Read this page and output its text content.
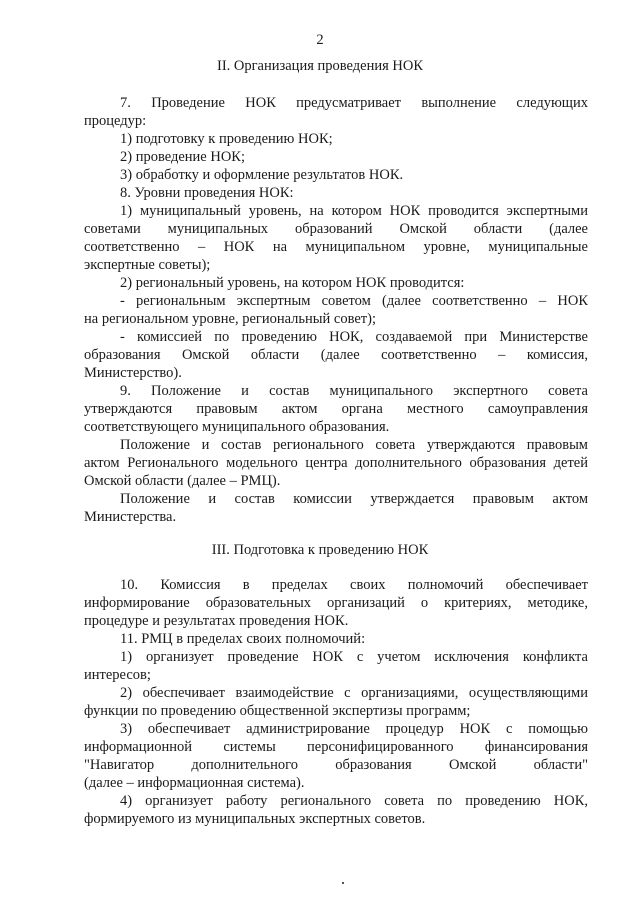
2
II. Организация проведения НОК
7. Проведение НОК предусматривает выполнение следующих
процедур:
1) подготовку к проведению НОК;
2) проведение НОК;
3) обработку и оформление результатов НОК.
8. Уровни проведения НОК:
1) муниципальный уровень, на котором НОК проводится экспертными
советами муниципальных образований Омской области (далее
соответственно – НОК на муниципальном уровне, муниципальные
экспертные советы);
2) региональный уровень, на котором НОК проводится:
- региональным экспертным советом (далее соответственно – НОК
на региональном уровне, региональный совет);
- комиссией по проведению НОК, создаваемой при Министерстве
образования Омской области (далее соответственно – комиссия,
Министерство).
9. Положение и состав муниципального экспертного совета
утверждаются правовым актом органа местного самоуправления
соответствующего муниципального образования.
Положение и состав регионального совета утверждаются правовым
актом Регионального модельного центра дополнительного образования детей
Омской области (далее – РМЦ).
Положение и состав комиссии утверждается правовым актом
Министерства.
III. Подготовка к проведению НОК
10. Комиссия в пределах своих полномочий обеспечивает
информирование образовательных организаций о критериях, методике,
процедуре и результатах проведения НОК.
11. РМЦ в пределах своих полномочий:
1) организует проведение НОК с учетом исключения конфликта
интересов;
2) обеспечивает взаимодействие с организациями, осуществляющими
функции по проведению общественной экспертизы программ;
3) обеспечивает администрирование процедур НОК с помощью
информационной системы персонифицированного финансирования
"Навигатор дополнительного образования Омской области"
(далее – информационная система).
4) организует работу регионального совета по проведению НОК,
формируемого из муниципальных экспертных советов.
